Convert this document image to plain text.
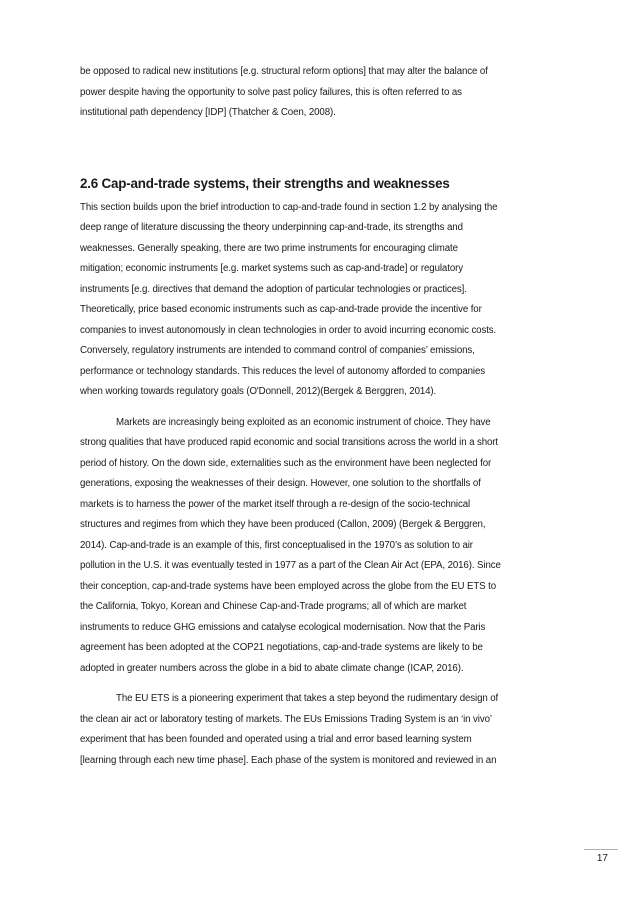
be opposed to radical new institutions [e.g. structural reform options] that may alter the balance of

power despite having the opportunity to solve past policy failures, this is often referred to as

institutional path dependency [IDP] (Thatcher & Coen, 2008).

2.6 Cap-and-trade systems, their strengths and weaknesses

This section builds upon the brief introduction to cap-and-trade found in section 1.2 by analysing the

deep range of literature discussing the theory underpinning cap-and-trade, its strengths and

weaknesses. Generally speaking, there are two prime instruments for encouraging climate

mitigation; economic instruments [e.g. market systems such as cap-and-trade] or regulatory

instruments [e.g. directives that demand the adoption of particular technologies or practices].

Theoretically, price based economic instruments such as cap-and-trade provide the incentive for

companies to invest autonomously in clean technologies in order to avoid incurring economic costs.

Conversely, regulatory instruments are intended to command control of companies’ emissions,

performance or technology standards. This reduces the level of autonomy afforded to companies

when working towards regulatory goals (O'Donnell, 2012)(Bergek & Berggren, 2014).

Markets are increasingly being exploited as an economic instrument of choice. They have

strong qualities that have produced rapid economic and social transitions across the world in a short

period of history. On the down side, externalities such as the environment have been neglected for

generations, exposing the weaknesses of their design. However, one solution to the shortfalls of

markets is to harness the power of the market itself through a re-design of the socio-technical

structures and regimes from which they have been produced (Callon, 2009) (Bergek & Berggren,

2014). Cap-and-trade is an example of this, first conceptualised in the 1970’s as solution to air

pollution in the U.S. it was eventually tested in 1977 as a part of the Clean Air Act (EPA, 2016). Since

their conception, cap-and-trade systems have been employed across the globe from the EU ETS to

the California, Tokyo, Korean and Chinese Cap-and-Trade programs; all of which are market

instruments to reduce GHG emissions and catalyse ecological modernisation. Now that the Paris

agreement has been adopted at the COP21 negotiations, cap-and-trade systems are likely to be

adopted in greater numbers across the globe in a bid to abate climate change (ICAP, 2016).

The EU ETS is a pioneering experiment that takes a step beyond the rudimentary design of

the clean air act or laboratory testing of markets. The EUs Emissions Trading System is an ‘in vivo’

experiment that has been founded and operated using a trial and error based learning system

[learning through each new time phase]. Each phase of the system is monitored and reviewed in an

17
